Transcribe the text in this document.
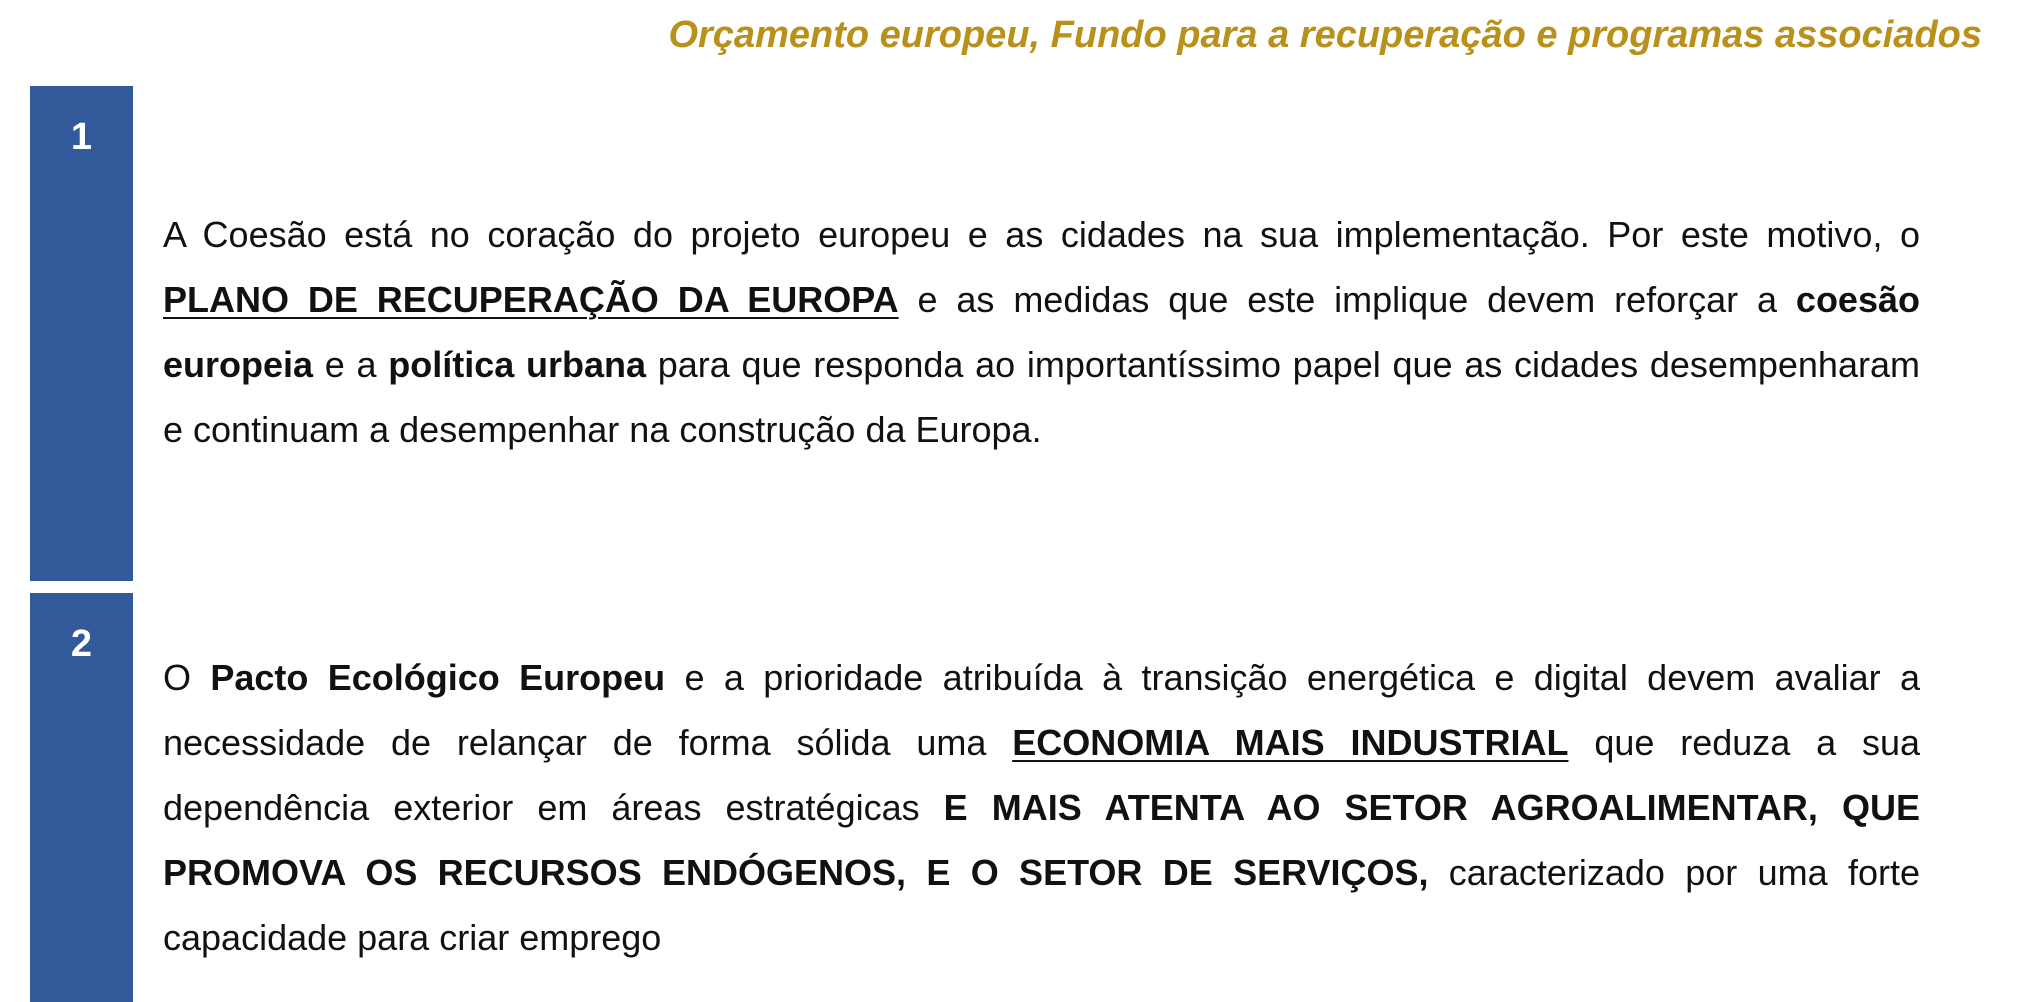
Orçamento europeu, Fundo para a recuperação e programas associados
1

A Coesão está no coração do projeto europeu e as cidades na sua implementação. Por este motivo, o PLANO DE RECUPERAÇÃO DA EUROPA e as medidas que este implique devem reforçar a coesão europeia e a política urbana para que responda ao importantíssimo papel que as cidades desempenharam e continuam a desempenhar na construção da Europa.

2

O Pacto Ecológico Europeu e a prioridade atribuída à transição energética e digital devem avaliar a necessidade de relançar de forma sólida uma ECONOMIA MAIS INDUSTRIAL que reduza a sua dependência exterior em áreas estratégicas E MAIS ATENTA AO SETOR AGROALIMENTAR, QUE PROMOVA OS RECURSOS ENDÓGENOS, E O SETOR DE SERVIÇOS, caracterizado por uma forte capacidade para criar emprego
